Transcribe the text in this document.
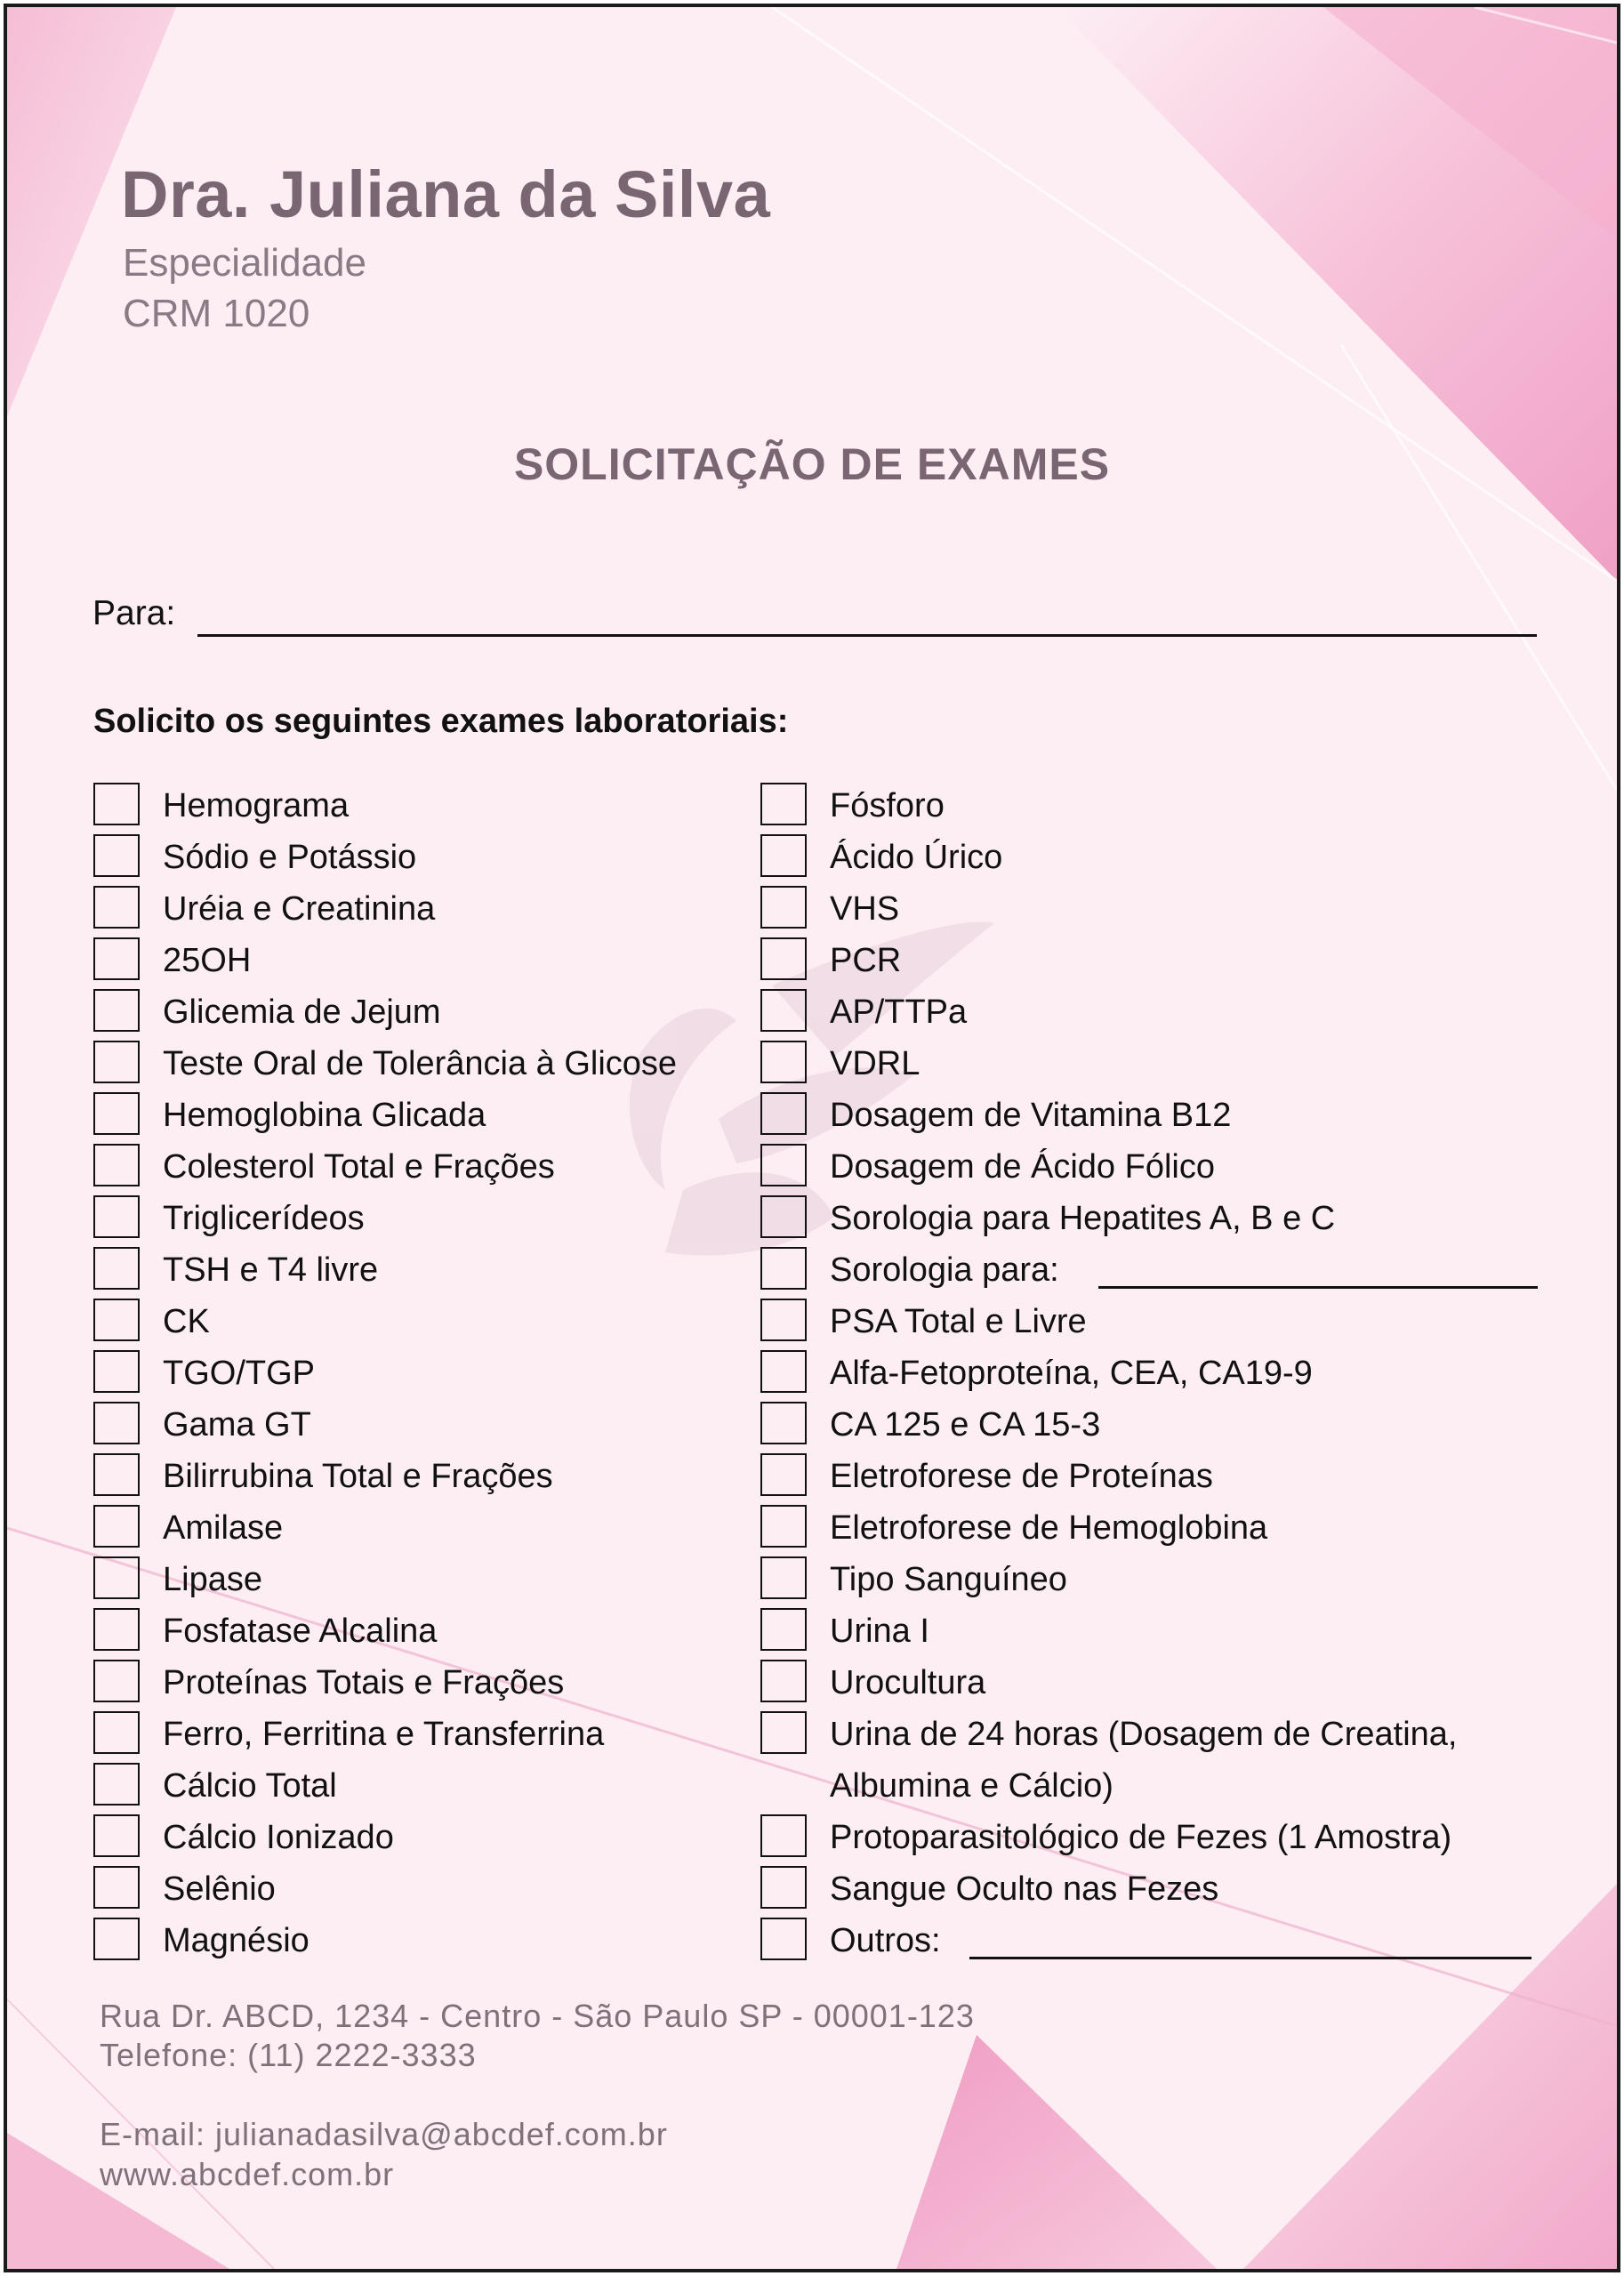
Dra. Juliana da Silva
Especialidade
CRM 1020
SOLICITAÇÃO DE EXAMES
Para:
Solicito os seguintes exames laboratoriais:
Hemograma
Sódio e Potássio
Uréia e Creatinina
25OH
Glicemia de Jejum
Teste Oral de Tolerância à Glicose
Hemoglobina Glicada
Colesterol Total e Frações
Triglicerídeos
TSH e T4 livre
CK
TGO/TGP
Gama GT
Bilirrubina Total e Frações
Amilase
Lipase
Fosfatase Alcalina
Proteínas Totais e Frações
Ferro, Ferritina e Transferrina
Cálcio Total
Cálcio Ionizado
Selênio
Magnésio
Fósforo
Ácido Úrico
VHS
PCR
AP/TTPa
VDRL
Dosagem de Vitamina B12
Dosagem de Ácido Fólico
Sorologia para Hepatites A, B e C
Sorologia para:
PSA Total e Livre
Alfa-Fetoproteína, CEA, CA19-9
CA 125 e CA 15-3
Eletroforese de Proteínas
Eletroforese de Hemoglobina
Tipo Sanguíneo
Urina I
Urocultura
Urina de 24 horas (Dosagem de Creatina,
Albumina e Cálcio)
Protoparasitológico de Fezes (1 Amostra)
Sangue Oculto nas Fezes
Outros:
Rua Dr. ABCD, 1234 - Centro - São Paulo SP - 00001-123
Telefone: (11) 2222-3333
E-mail: julianadasilva@abcdef.com.br
www.abcdef.com.br
